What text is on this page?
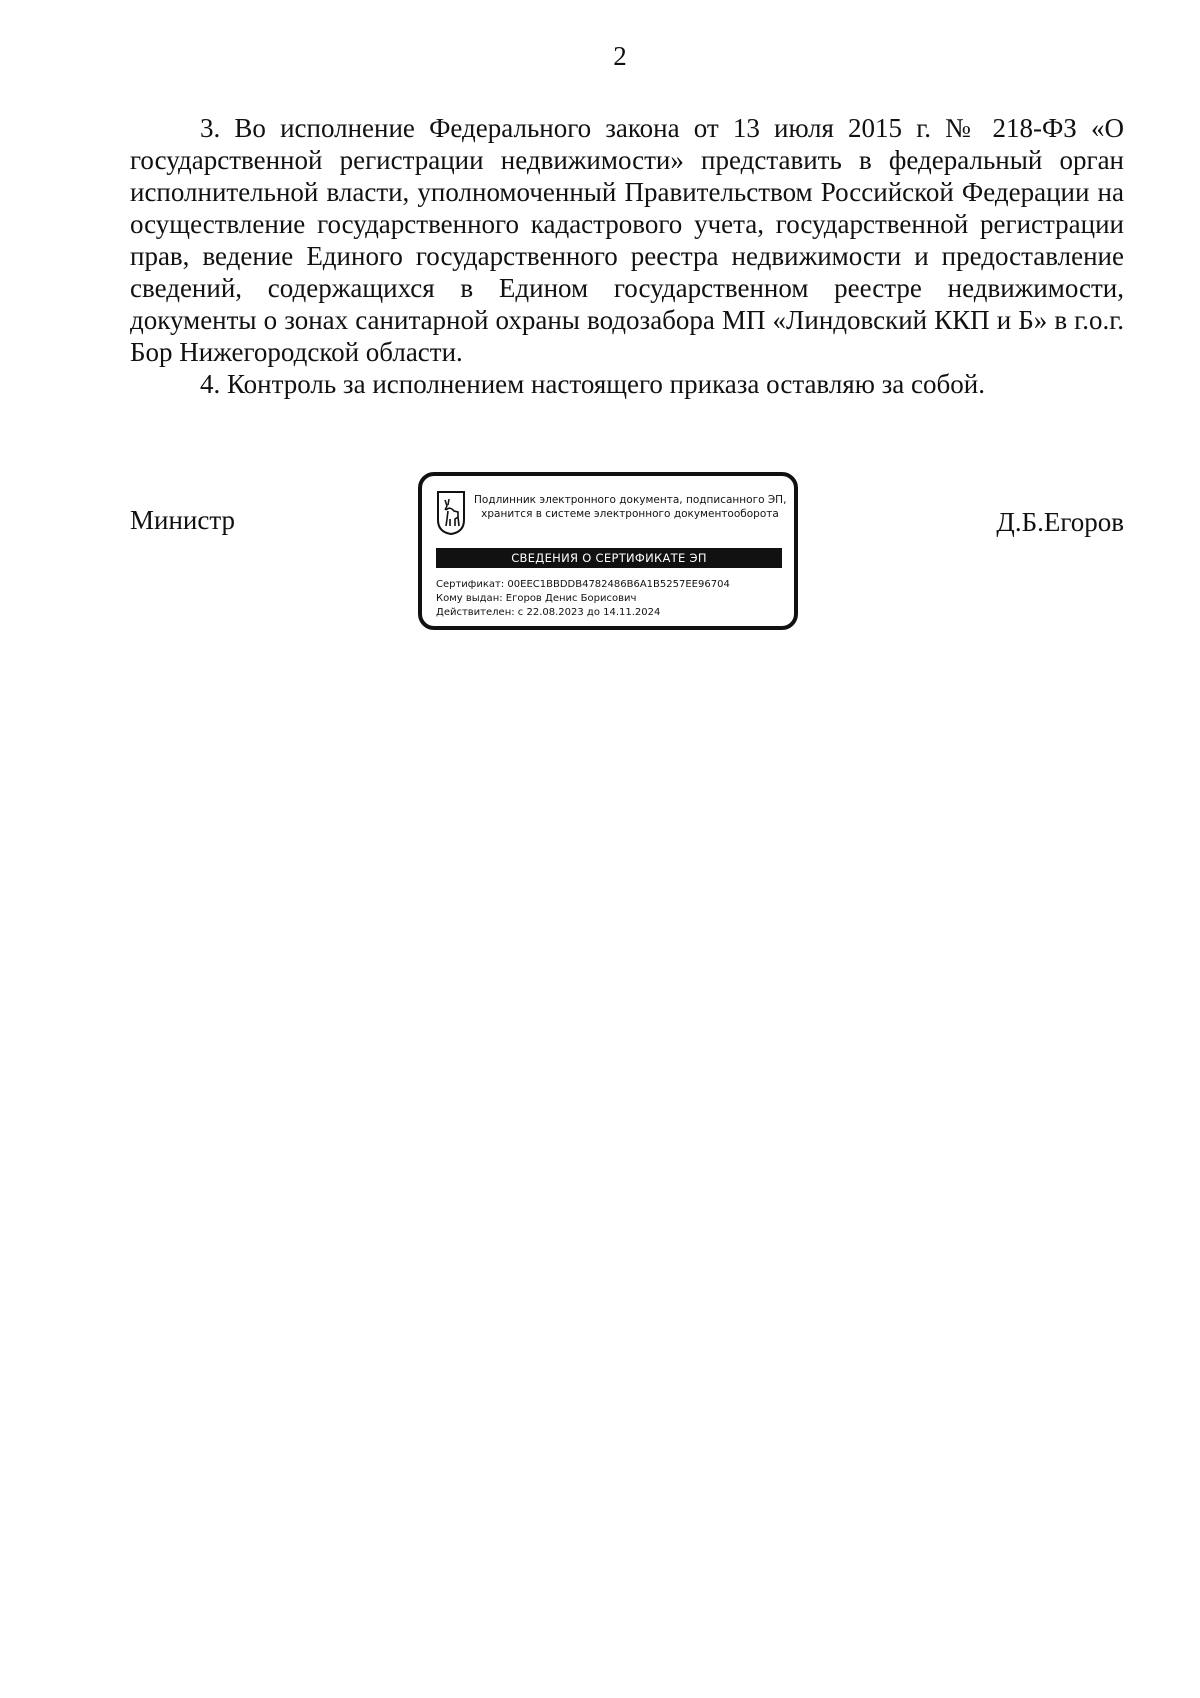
2

3. Во исполнение Федерального закона от 13 июля 2015 г. № 218-ФЗ «О государственной регистрации недвижимости» представить в федеральный орган исполнительной власти, уполномоченный Правительством Российской Федерации на осуществление государственного кадастрового учета, государственной регистрации прав, ведение Единого государственного реестра недвижимости и предоставление сведений, содержащихся в Едином государственном реестре недвижимости, документы о зонах санитарной охраны водозабора МП «Линдовский ККП и Б» в г.о.г. Бор Нижегородской области.

4. Контроль за исполнением настоящего приказа оставляю за собой.

Министр
Подлинник электронного документа, подписанного ЭП,
хранится в системе электронного документооборота
СВЕДЕНИЯ О СЕРТИФИКАТЕ ЭП
Сертификат: 00EEC1BBDDB4782486B6A1B5257EE96704
Кому выдан: Егоров Денис Борисович
Действителен: с 22.08.2023 до 14.11.2024
Д.Б.Егоров
